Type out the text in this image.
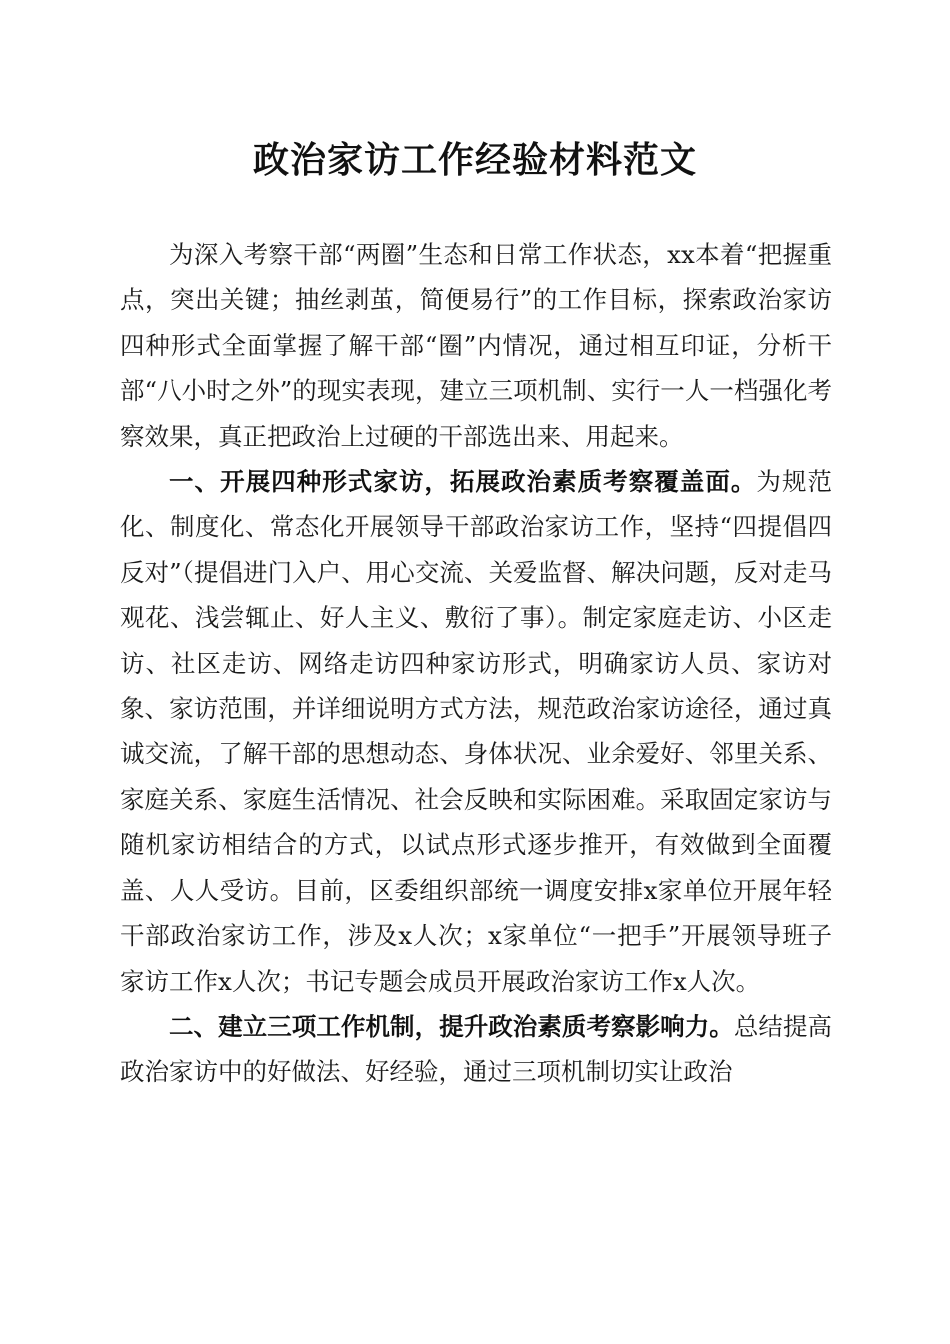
政治家访工作经验材料范文

为深入考察干部“两圈”生态和日常工作状态，xx本着“把握重点，突出关键；抽丝剥茧，简便易行”的工作目标，探索政治家访四种形式全面掌握了解干部“圈”内情况，通过相互印证，分析干部“八小时之外”的现实表现，建立三项机制、实行一人一档强化考察效果，真正把政治上过硬的干部选出来、用起来。

一、开展四种形式家访，拓展政治素质考察覆盖面。为规范化、制度化、常态化开展领导干部政治家访工作，坚持“四提倡四反对”（提倡进门入户、用心交流、关爱监督、解决问题，反对走马观花、浅尝辄止、好人主义、敷衍了事）。制定家庭走访、小区走访、社区走访、网络走访四种家访形式，明确家访人员、家访对象、家访范围，并详细说明方式方法，规范政治家访途径，通过真诚交流，了解干部的思想动态、身体状况、业余爱好、邻里关系、家庭关系、家庭生活情况、社会反映和实际困难。采取固定家访与随机家访相结合的方式，以试点形式逐步推开，有效做到全面覆盖、人人受访。目前，区委组织部统一调度安排x家单位开展年轻干部政治家访工作，涉及x人次；x家单位“一把手”开展领导班子家访工作x人次；书记专题会成员开展政治家访工作x人次。

二、建立三项工作机制，提升政治素质考察影响力。总结提高政治家访中的好做法、好经验，通过三项机制切实让政治
